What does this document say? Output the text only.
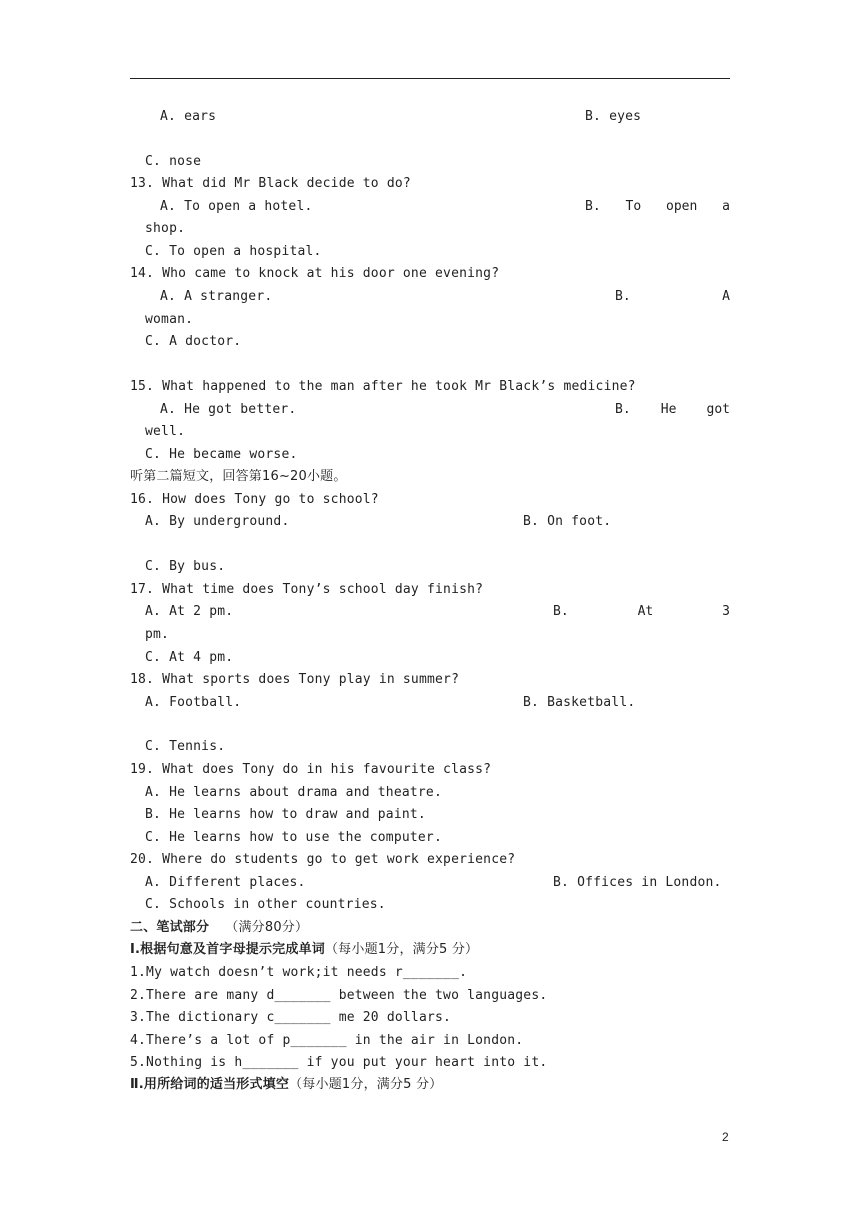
A. ears	B. eyes
C. nose
13. What did Mr Black decide to do?
A. To open a hotel.	B. To open a
shop.
C. To open a hospital.
14. Who came to knock at his door one evening?
A. A stranger.	B.	A
woman.
C. A doctor.
15. What happened to the man after he took Mr Black’s medicine?
A. He got better.	B. He got
well.
C. He became worse.
听第二篇短文，回答第16~20小题。
16. How does Tony go to school?
A. By underground.	B. On foot.
C. By bus.
17. What time does Tony’s school day finish?
A. At 2 pm.	B.	At	3
pm.
C. At 4 pm.
18. What sports does Tony play in summer?
A. Football.	B. Basketball.
C. Tennis.
19. What does Tony do in his favourite class?
A. He learns about drama and theatre.
B. He learns how to draw and paint.
C. He learns how to use the computer.
20. Where do students go to get work experience?
A. Different places.	B. Offices in London.
C. Schools in other countries.
二、笔试部分 （满分80分）
Ⅰ.根据句意及首字母提示完成单词（每小题1分，满分5 分）
1.My watch doesn’t work;it needs r_______.
2.There are many d_______ between the two languages.
3.The dictionary c_______ me 20 dollars.
4.There’s a lot of p_______ in the air in London.
5.Nothing is h_______ if you put your heart into it.
Ⅱ.用所给词的适当形式填空（每小题1分，满分5 分）
2
